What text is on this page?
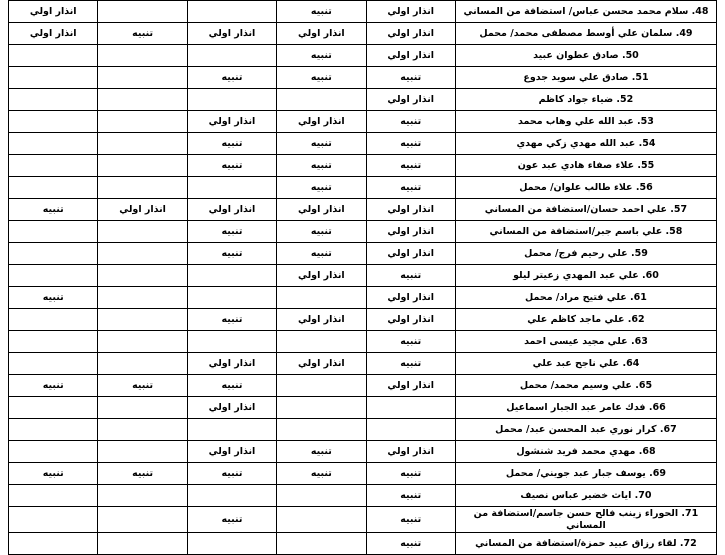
48. سلام محمد محسن عباس/ استضافة من المساني	انذار اولي	تنبيه			انذار اولي
49. سلمان علي أوسط مصطفى محمد/ محمل	انذار اولي	انذار اولي	انذار اولي	تنبيه	انذار اولي
50. صادق عطوان عبيد	انذار اولي	تنبيه			
51. صادق علي سويد جدوع	تنبيه	تنبيه	تنبيه		
52. ضياء جواد كاظم	انذار اولي				
53. عبد الله علي وهاب محمد	تنبيه	انذار اولي	انذار اولي		
54. عبد الله مهدي زكي مهدي	تنبيه	تنبيه	تنبيه		
55. علاء صفاء هادي عبد عون	تنبيه	تنبيه	تنبيه		
56. علاء طالب علوان/ محمل	تنبيه	تنبيه			
57. علي احمد حسان/استضافة من المساني	انذار اولي	انذار اولي	انذار اولي	انذار اولي	تنبيه
58. علي باسم جبر/استضافة من المساني	انذار اولي	تنبيه	تنبيه		
59. علي رحيم فرج/ محمل	انذار اولي	تنبيه	تنبيه		
60. علي عبد المهدي زعيتر ليلو	تنبيه	انذار اولي			
61. علي فتيح مراد/ محمل	انذار اولي				تنبيه
62. علي ماجد كاظم علي	انذار اولي	انذار اولي	تنبيه		
63. علي مجيد عيسى احمد	تنبيه				
64. علي ناجح عبد علي	تنبيه	انذار اولي	انذار اولي		
65. علي وسيم محمد/ محمل	انذار اولي		تنبيه	تنبيه	تنبيه
66. فدك عامر عبد الجبار اسماعيل			انذار اولي		
67. كرار نوري عبد المحسن عبد/ محمل					
68. مهدي محمد فريد شنشول	انذار اولي	تنبيه	انذار اولي		
69. يوسف جبار عبد جويني/ محمل	تنبيه	تنبيه	تنبيه	تنبيه	تنبيه
70. اياث خضير عباس نصيف	تنبيه				
71. الحوراء زينب فالح حسن جاسم/استضافة من المساني	تنبيه		تنبيه		
72. لقاء رزاق عبيد حمزة/استضافة من المساني	تنبيه				
